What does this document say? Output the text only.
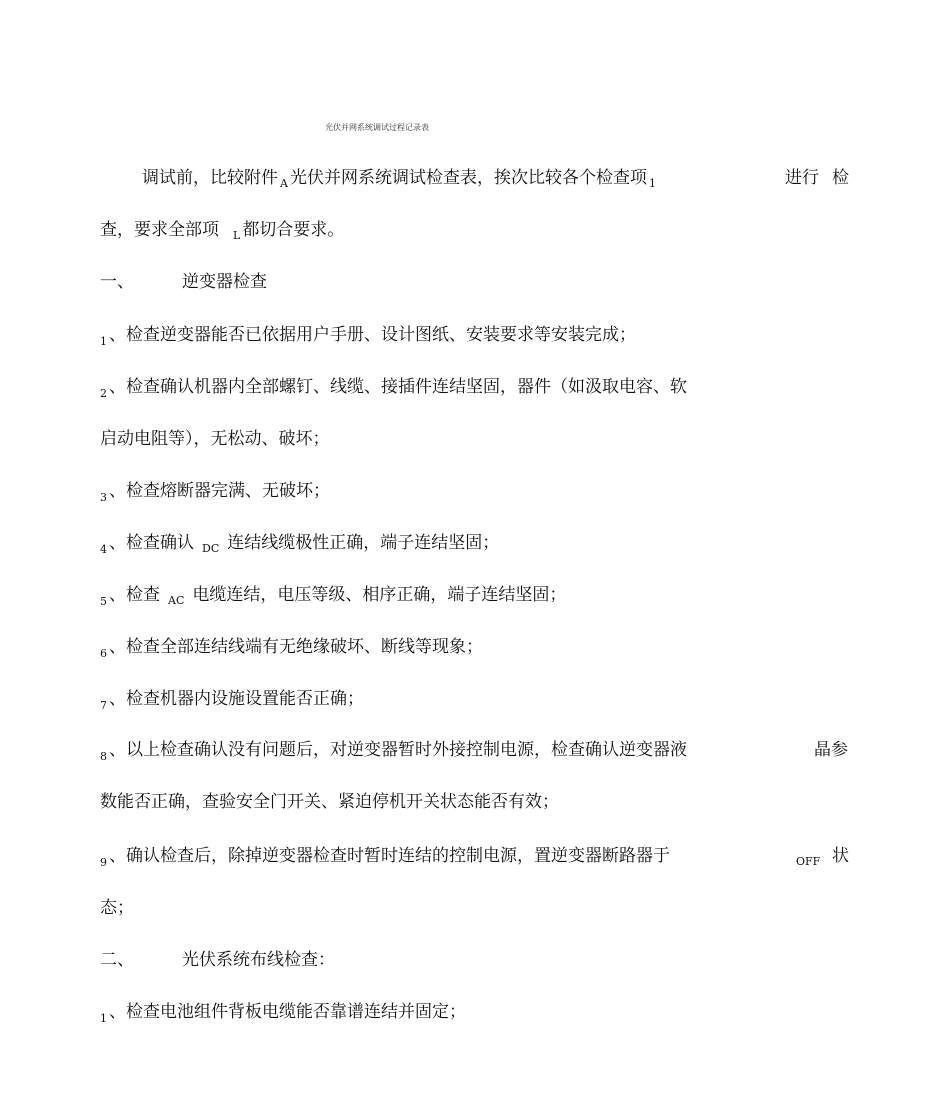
光伏并网系统调试过程记录表
调试前，比较附件 $_A$ 光伏并网系统调试检查表，挨次比较各个检查项 $_1$	进行 检
查，要求全部项 $_L$ 都切合要求。
一、	逆变器检查
$_1$ 、检查逆变器能否已依据用户手册、设计图纸、安装要求等安装完成；
$_2$ 、检查确认机器内全部螺钉、线缆、接插件连结坚固，器件（如汲取电容、软
启动电阻等），无松动、破坏；
$_3$ 、检查熔断器完满、无破坏；
$_4$ 、检查确认 $_{DC}$ 连结线缆极性正确，端子连结坚固；
$_5$ 、检查 $_{AC}$ 电缆连结，电压等级、相序正确，端子连结坚固；
$_6$ 、检查全部连结线端有无绝缘破坏、断线等现象；
$_7$ 、检查机器内设施设置能否正确；
$_8$ 、以上检查确认没有问题后，对逆变器暂时外接控制电源，检查确认逆变器液	晶参
数能否正确，查验安全门开关、紧迫停机开关状态能否有效；
$_9$ 、确认检查后，除掉逆变器检查时暂时连结的控制电源，置逆变器断路器于	$_{OFF}$ 状
态；
二、	光伏系统布线检查：
$_1$ 、检查电池组件背板电缆能否靠谱连结并固定；
